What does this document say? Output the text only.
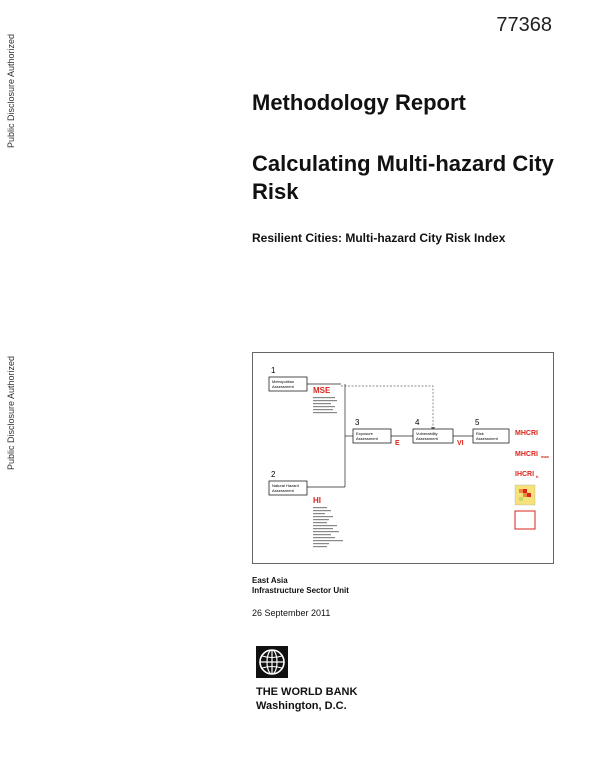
Public Disclosure Authorized
Public Disclosure Authorized
77368
Methodology Report
Calculating Multi-hazard City Risk
Resilient Cities: Multi-hazard City Risk Index
1
Metropolitan
Assessment MSE
3
Exposure
Assessment
E
4
Vulnerability
Assessment
VI
5
Risk
Assessment
2
Natural Hazard
Assessment
HI
MHCRI
MHCRI max
IHCRI h
East Asia
Infrastructure Sector Unit
26 September 2011
THE WORLD BANK
Washington, D.C.
